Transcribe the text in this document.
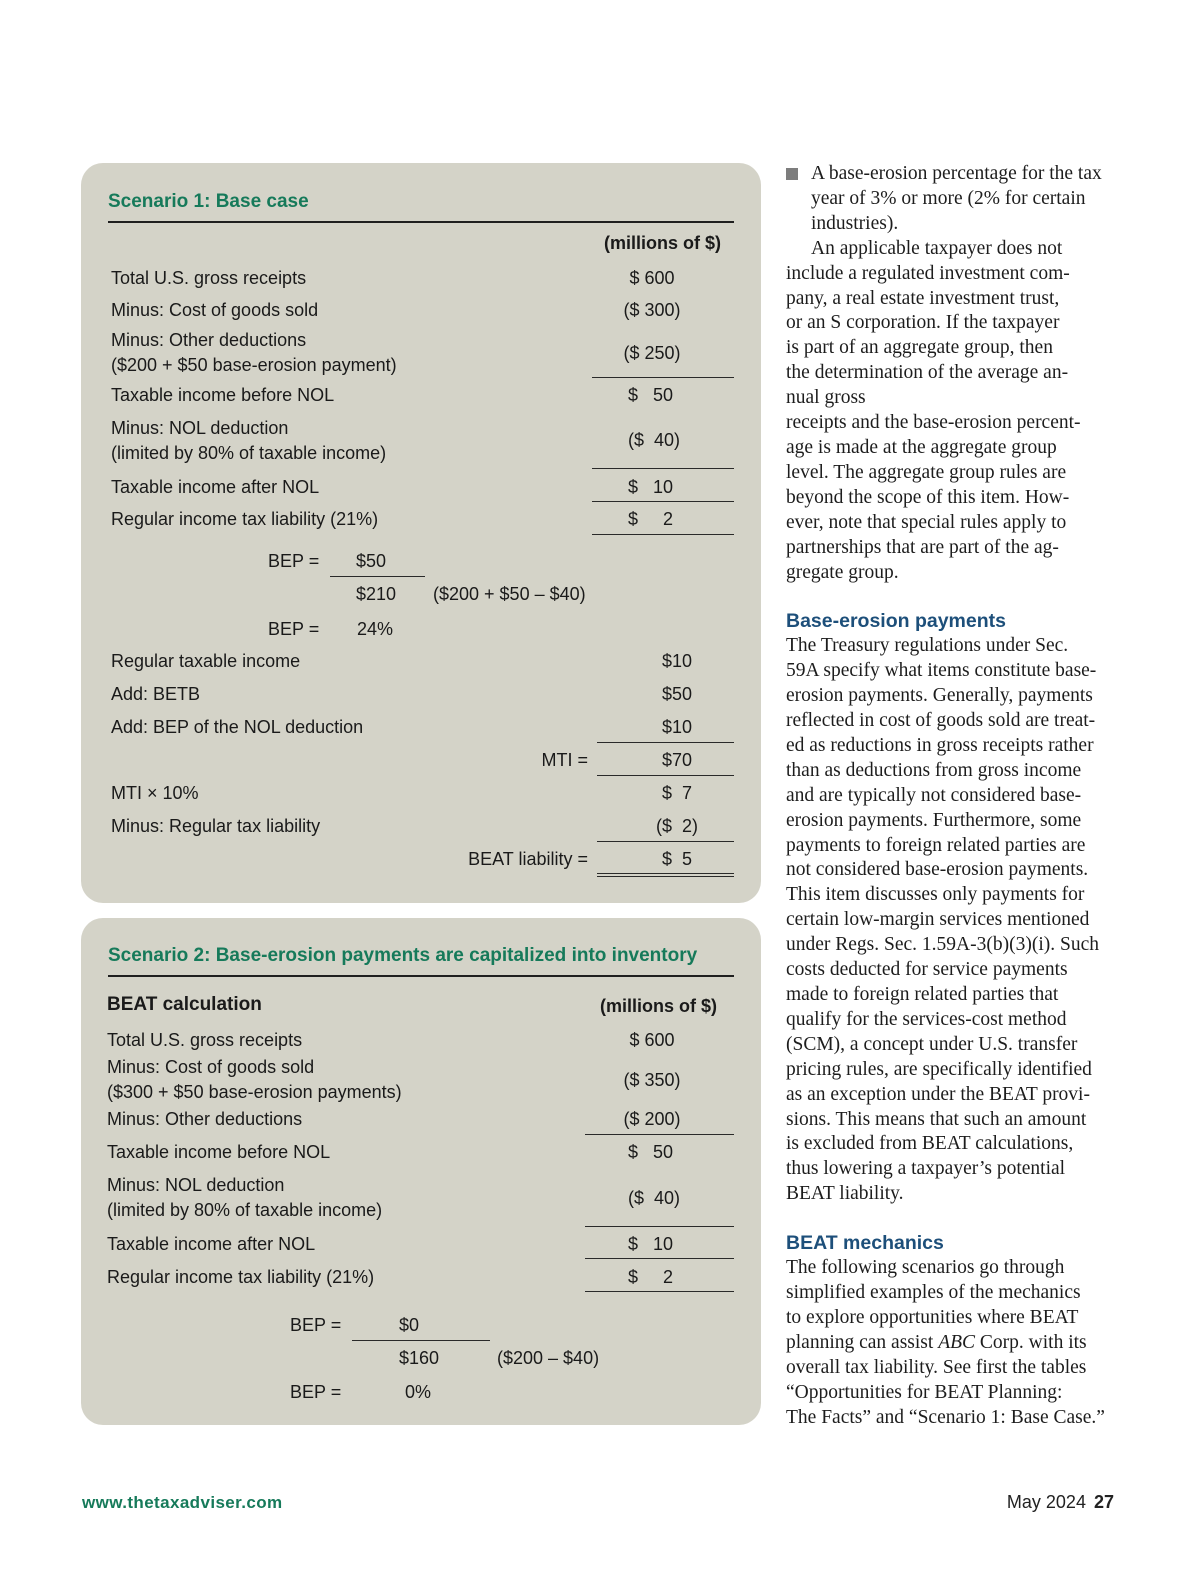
Scenario 1: Base case
(millions of $)
Total U.S. gross receipts	$ 600
Minus: Cost of goods sold	($ 300)
Minus: Other deductions
($200 + $50 base-erosion payment)
($ 250)
Taxable income before NOL	$   50
Minus: NOL deduction
(limited by 80% of taxable income)
($  40)
Taxable income after NOL	$   10
Regular income tax liability (21%)	$     2
BEP = $50
$210 ($200 + $50 – $40)
BEP = 24%
Regular taxable income	$10
Add: BETB	$50
Add: BEP of the NOL deduction	$10
MTI =	$70
MTI × 10%	$  7
Minus: Regular tax liability	($  2)
BEAT liability =	$  5
Scenario 2: Base-erosion payments are capitalized into inventory
BEAT calculation	(millions of $)
Total U.S. gross receipts	$ 600
Minus: Cost of goods sold
($300 + $50 base-erosion payments)
($ 350)
Minus: Other deductions	($ 200)
Taxable income before NOL	$   50
Minus: NOL deduction
(limited by 80% of taxable income)
($  40)
Taxable income after NOL	$   10
Regular income tax liability (21%)	$     2
BEP =	$0
$160	($200 – $40)
BEP =	0%
A base-erosion percentage for the tax year of 3% or more (2% for certain industries).

An applicable taxpayer does not
include a regulated investment com-
pany, a real estate investment trust,
or an S corporation. If the taxpayer
is part of an aggregate group, then
the determination of the average an-
nual gross
receipts and the base-erosion percent-
age is made at the aggregate group
level. The aggregate group rules are
beyond the scope of this item. How-
ever, note that special rules apply to
partnerships that are part of the ag-
gregate group.

Base-erosion payments

The Treasury regulations under Sec.
59A specify what items constitute base-
erosion payments. Generally, payments
reflected in cost of goods sold are treat-
ed as reductions in gross receipts rather
than as deductions from gross income
and are typically not considered base-
erosion payments. Furthermore, some
payments to foreign related parties are
not considered base-erosion payments.
This item discusses only payments for
certain low-margin services mentioned
under Regs. Sec. 1.59A-3(b)(3)(i). Such
costs deducted for service payments
made to foreign related parties that
qualify for the services-cost method
(SCM), a concept under U.S. transfer
pricing rules, are specifically identified
as an exception under the BEAT provi-
sions. This means that such an amount
is excluded from BEAT calculations,
thus lowering a taxpayer’s potential
BEAT liability.

BEAT mechanics

The following scenarios go through
simplified examples of the mechanics
to explore opportunities where BEAT
planning can assist ABC Corp. with its
overall tax liability. See first the tables
“Opportunities for BEAT Planning:
The Facts” and “Scenario 1: Base Case.”

www.thetaxadviser.com	May 2024 27
